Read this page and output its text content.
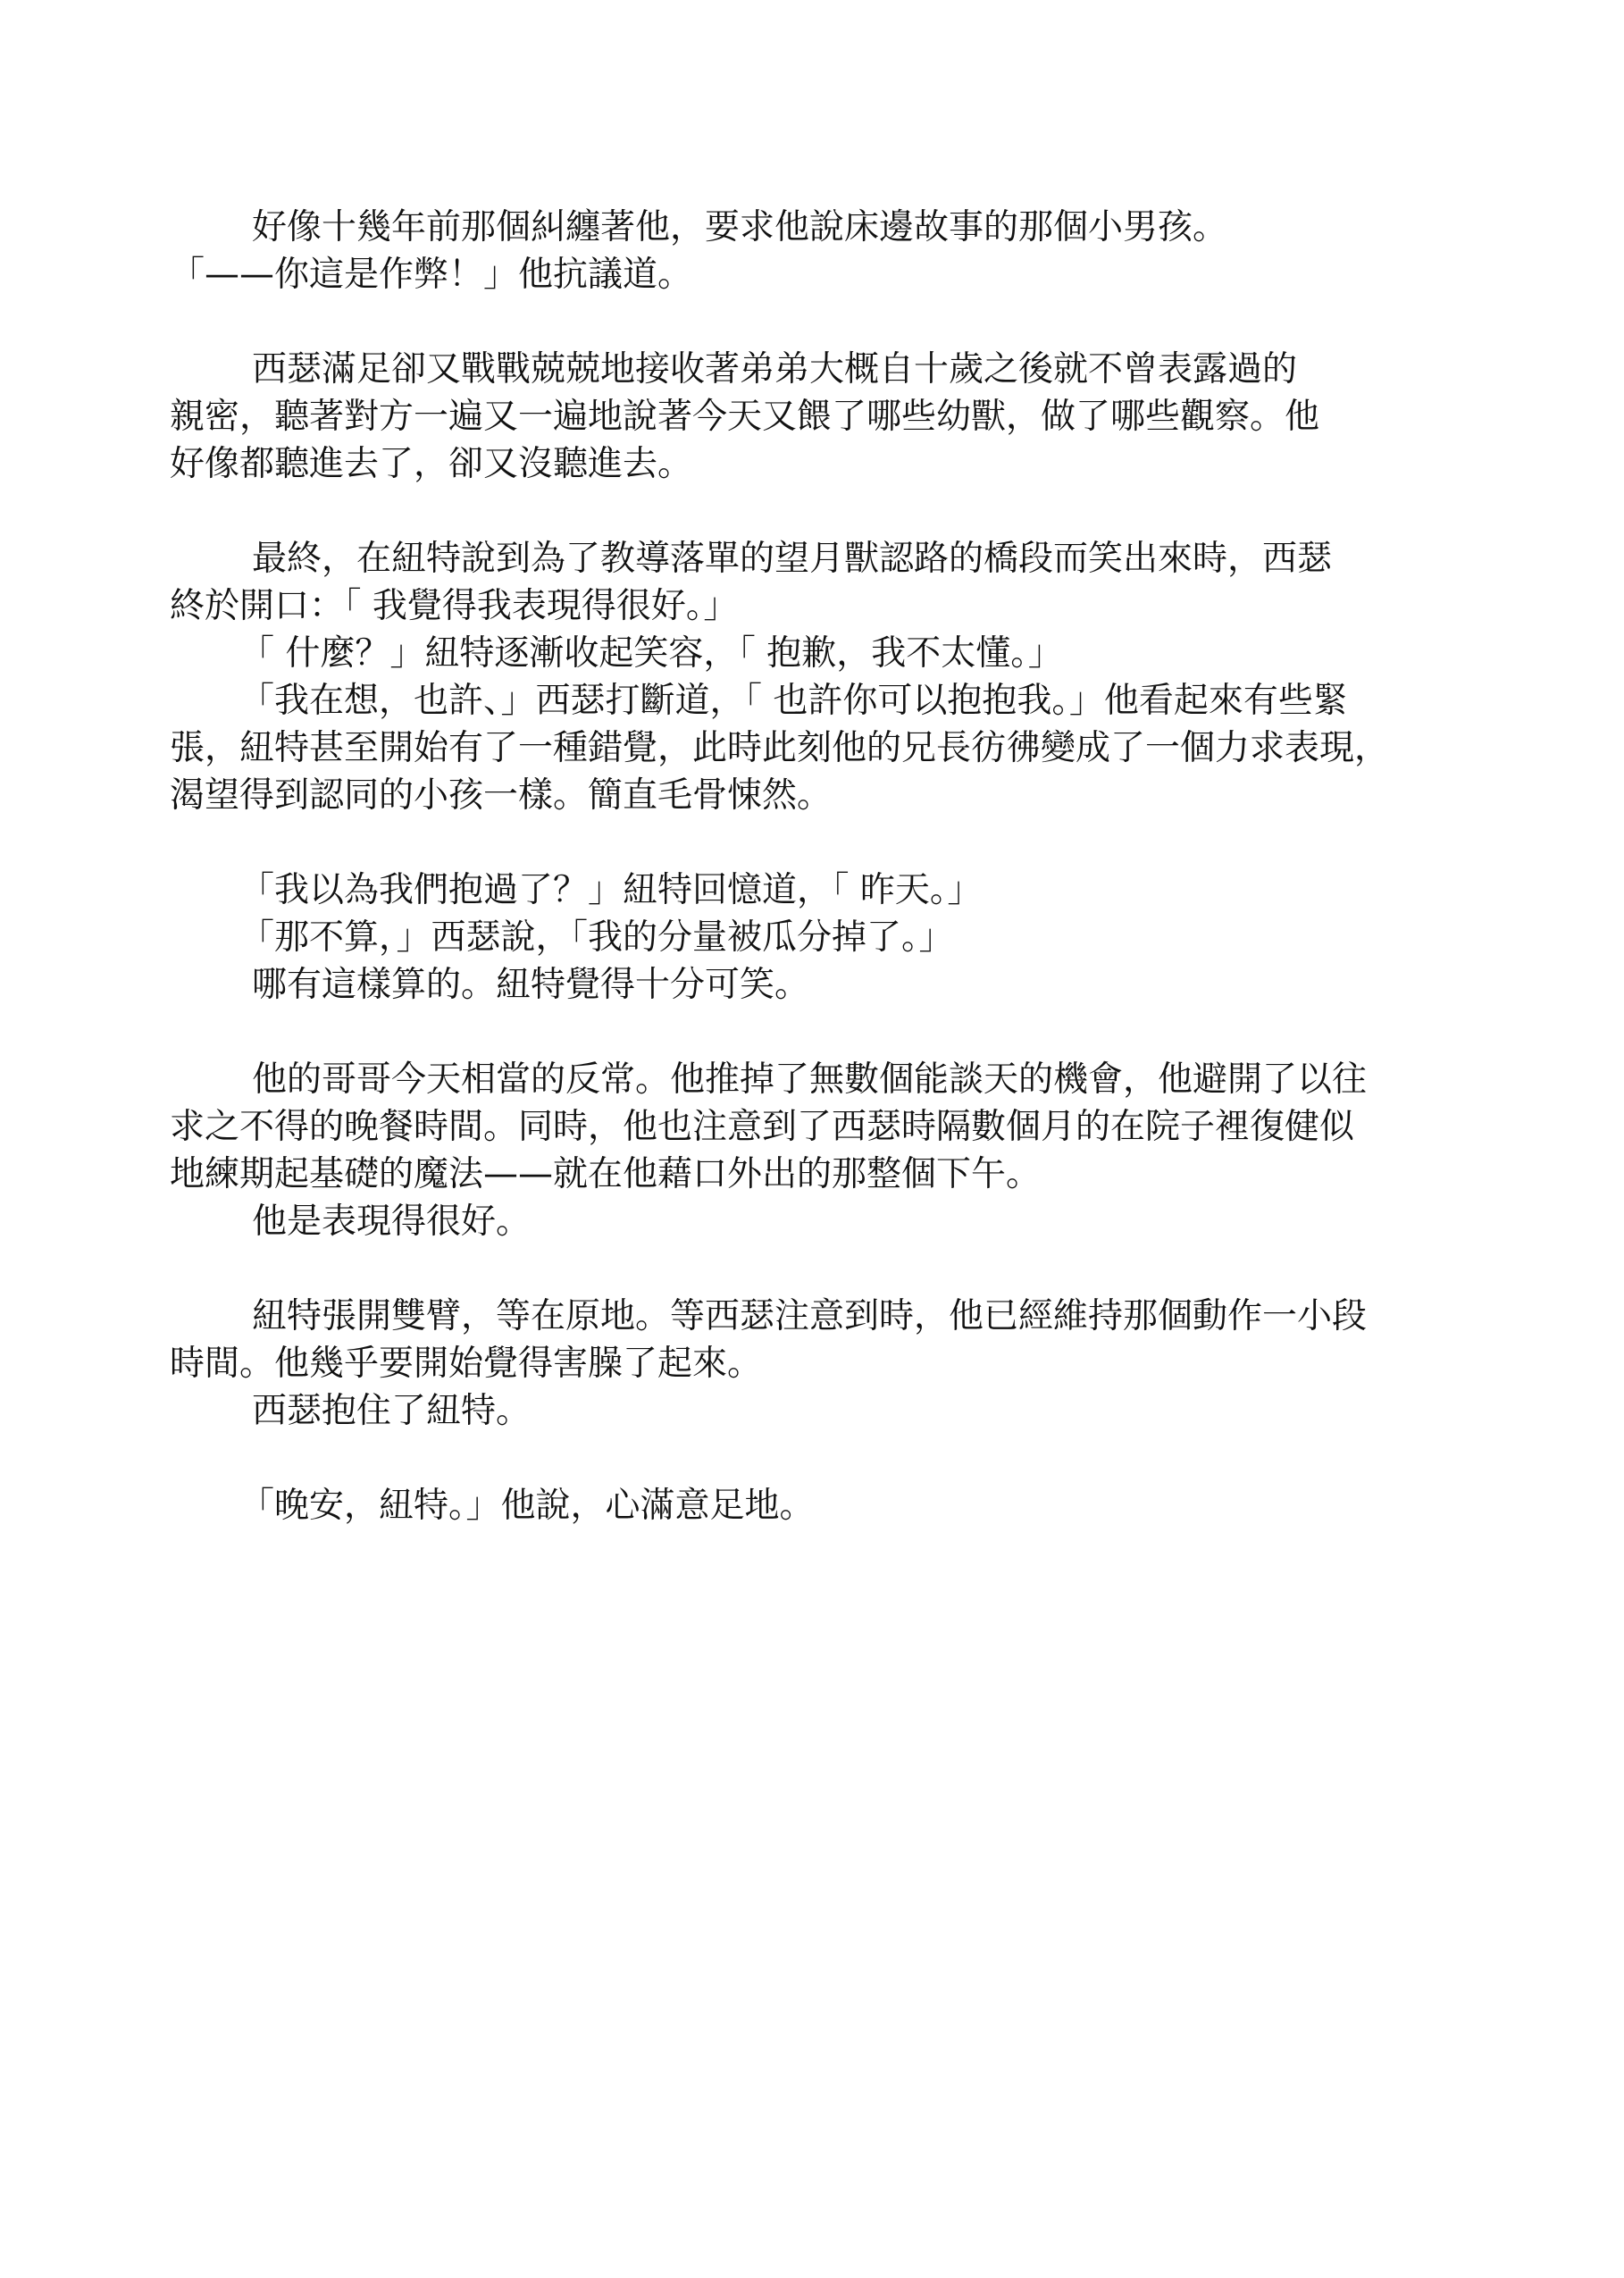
好像十幾年前那個糾纏著他，要求他說床邊故事的那個小男孩。
「——你這是作弊！」他抗議道。
西瑟滿足卻又戰戰兢兢地接收著弟弟大概自十歲之後就不曾表露過的
親密，聽著對方一遍又一遍地說著今天又餵了哪些幼獸，做了哪些觀察。他
好像都聽進去了，卻又沒聽進去。
最終，在紐特說到為了教導落單的望月獸認路的橋段而笑出來時，西瑟
終於開口：「 我覺得我表現得很好。」
「 什麼？」紐特逐漸收起笑容，「 抱歉，我不太懂。」
「我在想，也許、」西瑟打斷道，「 也許你可以抱抱我。」他看起來有些緊
張，紐特甚至開始有了一種錯覺，此時此刻他的兄長彷彿變成了一個力求表現，
渴望得到認同的小孩一樣。簡直毛骨悚然。
「我以為我們抱過了？」紐特回憶道，「 昨天。」
「那不算，」西瑟說，「我的分量被瓜分掉了。」
哪有這樣算的。紐特覺得十分可笑。
他的哥哥今天相當的反常。他推掉了無數個能談天的機會，他避開了以往
求之不得的晚餐時間。同時，他也注意到了西瑟時隔數個月的在院子裡復健似
地練期起基礎的魔法——就在他藉口外出的那整個下午。
他是表現得很好。
紐特張開雙臂，等在原地。等西瑟注意到時，他已經維持那個動作一小段
時間。他幾乎要開始覺得害臊了起來。
西瑟抱住了紐特。
「晚安，紐特。」他說，心滿意足地。
